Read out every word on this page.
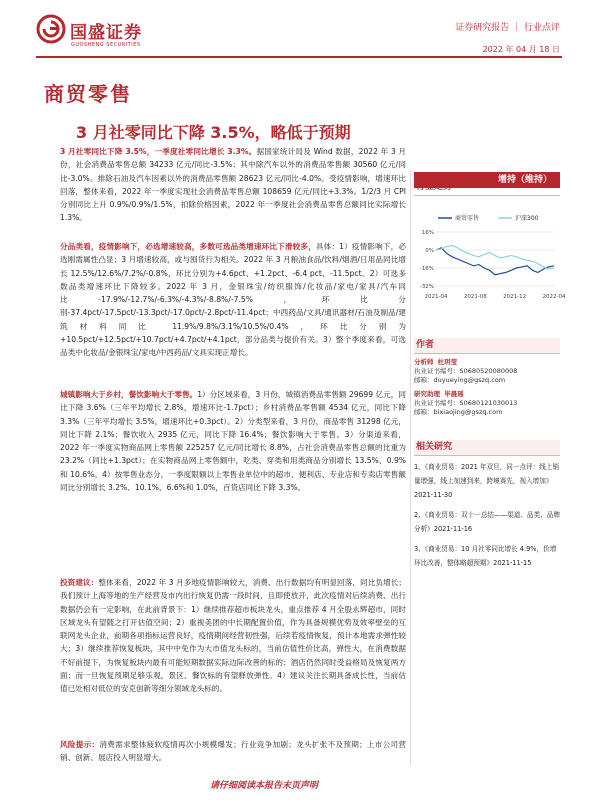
国盛证券
GUOSHENG SECURITIES
证券研究报告 ｜ 行业点评
2022 年 04 月 18 日
商贸零售
3 月社零同比下降 3.5%，略低于预期
3 月社零同比下降 3.5%，一季度社零同比增长 3.3%。据国家统计局及 Wind 数据，2022 年 3 月份，社会消费品零售总额 34233 亿元/同比-3.5%；其中除汽车以外的消费品零售额 30560 亿元/同比-3.0%。排除石油及汽车因素以外的消费品零售额 28623 亿元/同比-4.0%。受疫情影响，增速环比回落，整体来看，2022 年一季度实现社会消费品零售总额 108659 亿元/同比+3.3%。1/2/3 月 CPI 分别同比上升 0.9%/0.9%/1.5%，扣除价格因素，2022 年一季度社会消费品零售总额同比实际增长 1.3%。
分品类看，疫情影响下，必选增速较高，多数可选品类增速环比下滑较多，具体：1）疫情影响下，必选刚需属性凸显；3 月增速较高，或与囤货行为相关。2022 年 3 月粮油食品/饮料/烟酒/日用品同比增长 12.5%/12.6%/7.2%/-0.8%，环比分别为+4.6pct、+1.2pct、-6.4 pct、-11.5pct。2）可选多数品类增速环比下降较多。2022 年 3 月，金银珠宝/纺织服饰/化妆品/家电/家具/汽车同比-17.9%/-12.7%/-6.3%/-4.3%/-8.8%/-7.5%，环比分别-37.4pct/-17.5pct/-13.3pct/-17.0pct/-2.8pct/-11.4pct；中西药品/文具/通讯器材/石油及制品/建筑材料同比 11.9%/9.8%/3.1%/10.5%/0.4%，环比分别为+10.5pct/+12.5pct/+10.7pct/+4.7pct/+4.1pct，部分品类与提价有关。3）整个季度来看，可选品类中化妆品/金银珠宝/家电/中西药品/文具实现正增长。
城镇影响大于乡村，餐饮影响大于零售。1）分区域来看，3 月份，城镇消费品零售额 29699 亿元，同比下降 3.6%（三年平均增长 2.8%，增速环比-1.7pct）；乡村消费品零售额 4534 亿元，同比下降 3.3%（三年平均增长 3.5%，增速环比+0.3pct）。2）分类型来看，3 月份，商品零售 31298 亿元，同比下降 2.1%；餐饮收入 2935 亿元，同比下降 16.4%；餐饮影响大于零售。3）分渠道来看，2022 年一季度实物商品网上零售额 225257 亿元/同比增长 8.8%，占社会消费品零售总额的比重为 23.2%（同比+1.3pct）；在实物商品网上零售额中，吃类、穿类和用类商品分别增长 13.5%、0.9% 和 10.6%。4）按零售业态分，一季度限额以上零售业单位中的超市、便利店、专业店和专卖店零售额同比分别增长 3.2%、10.1%、6.6%和 1.0%，百货店同比下降 3.3%。
投资建议：整体来看，2022 年 3 月多地疫情影响较大，消费、出行数据均有明显回落，同比负增长；我们预计上海等地的生产经营及市内出行恢复仍需一段时间，且即使放开，此次疫情对后续消费、出行数据仍会有一定影响，在此前背景下：1）继续推荐超市板块龙头，重点推荐 4 月全股永辉超市，同时区域龙头有望随之打开估值空间；2）重视美团的中长期配置价值，作为具备规模优势及效率壁垒的互联网龙头企业，前期各项指标运营良好，疫情期间经营韧性强，后续若疫情恢复，预计本地需求弹性较大；3）继续推荐恢复板块，其中中免作为大市值龙头标的，当前估值性价比高，弹性大，在消费数据不好前提下，为恢复板块内最有可能短期数据实际边际改善的标的；酒店仍然同时受益格局及恢复两方面；而一旦恢复预期足够乐观，景区、餐饮标的有望释放弹性。4）建议关注长期具备成长性，当前估值已处相对低位的安克创新等细分领域龙头标的。
风险提示：消费需求整体疲软疫情再次小规模爆发；行业竞争加剧；龙头扩张不及预期；上市公司营销、创新、展店投入明显增大。
增持（维持）
行业走势
16%
0%
-16%
-32%
2021-04	2021-08	2021-12	2022-04
商贸零售	沪深300
作者
分析师 杜玥莹
执业证书编号：S0680520080008
邮箱：duyueying@gszq.com
研究助理 毕晨瑶
执业证书编号：S0680121030013
邮箱：bixiaojing@gszq.com
相关研究
1、《商业贸易：2021 年双旦，同一点评：线上销量增强，线上加速到来，跨境赛先，视入增加》2021-11-30
2、《商业贸易：双十一总结——渠道、品类、品牌分析》2021-11-16
3、《商业贸易：10 月社零同比增长 4.9%，价增环比改善，整体略超预期》2021-11-15
请仔细阅读本报告末页声明
